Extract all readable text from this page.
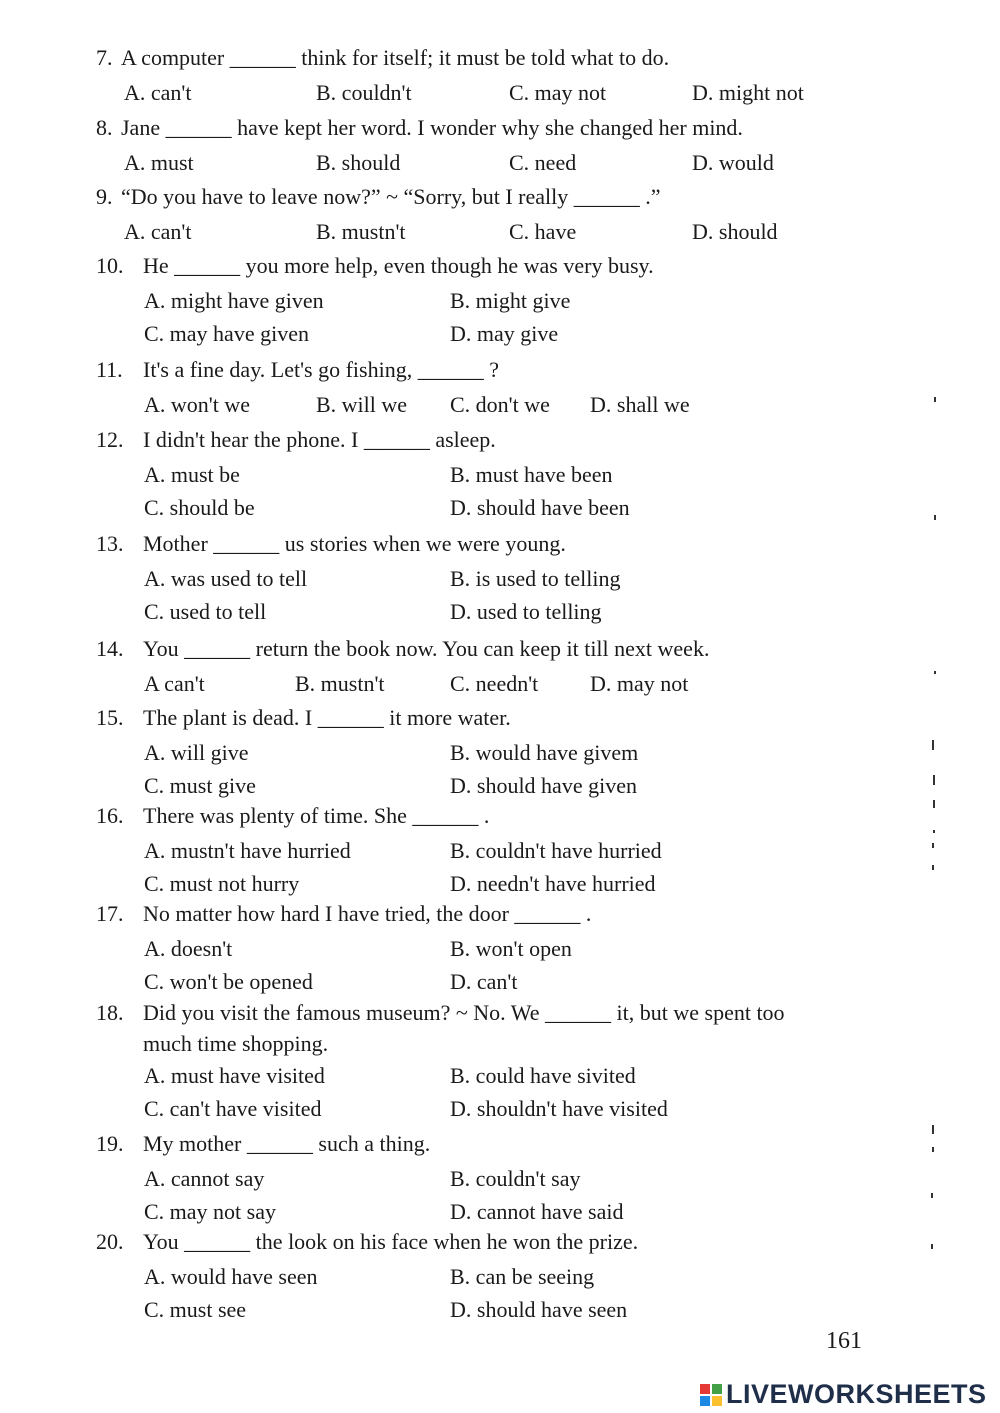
7. A computer ______ think for itself; it must be told what to do.
A. can't	B. couldn't	C. may not	D. might not
8. Jane ______ have kept her word. I wonder why she changed her mind.
A. must	B. should	C. need	D. would
9. “Do you have to leave now?” ~ “Sorry, but I really ______ .”
A. can't	B. mustn't	C. have	D. should
10. He ______ you more help, even though he was very busy.
A. might have given	B. might give
C. may have given	D. may give
11. It's a fine day. Let's go fishing, ______ ?
A. won't we	B. will we C. don't we D. shall we
12. I didn't hear the phone. I ______ asleep.
A. must be	B. must have been
C. should be	D. should have been
13. Mother ______ us stories when we were young.
A. was used to tell	B. is used to telling
C. used to tell	D. used to telling
14. You ______ return the book now. You can keep it till next week.
A can't	B. mustn't	C. needn't D. may not
15. The plant is dead. I ______ it more water.
A. will give	B. would have givem
C. must give	D. should have given
16. There was plenty of time. She ______ .
A. mustn't have hurried	B. couldn't have hurried
C. must not hurry	D. needn't have hurried
17. No matter how hard I have tried, the door ______ .
A. doesn't	B. won't open
C. won't be opened	D. can't
18. Did you visit the famous museum? ~ No. We ______ it, but we spent too
much time shopping.
A. must have visited	B. could have sivited
C. can't have visited	D. shouldn't have visited
19. My mother ______ such a thing.
A. cannot say	B. couldn't say
C. may not say	D. cannot have said
20. You ______ the look on his face when he won the prize.
A. would have seen	B. can be seeing
C. must see	D. should have seen
161
LIVEWORKSHEETS
